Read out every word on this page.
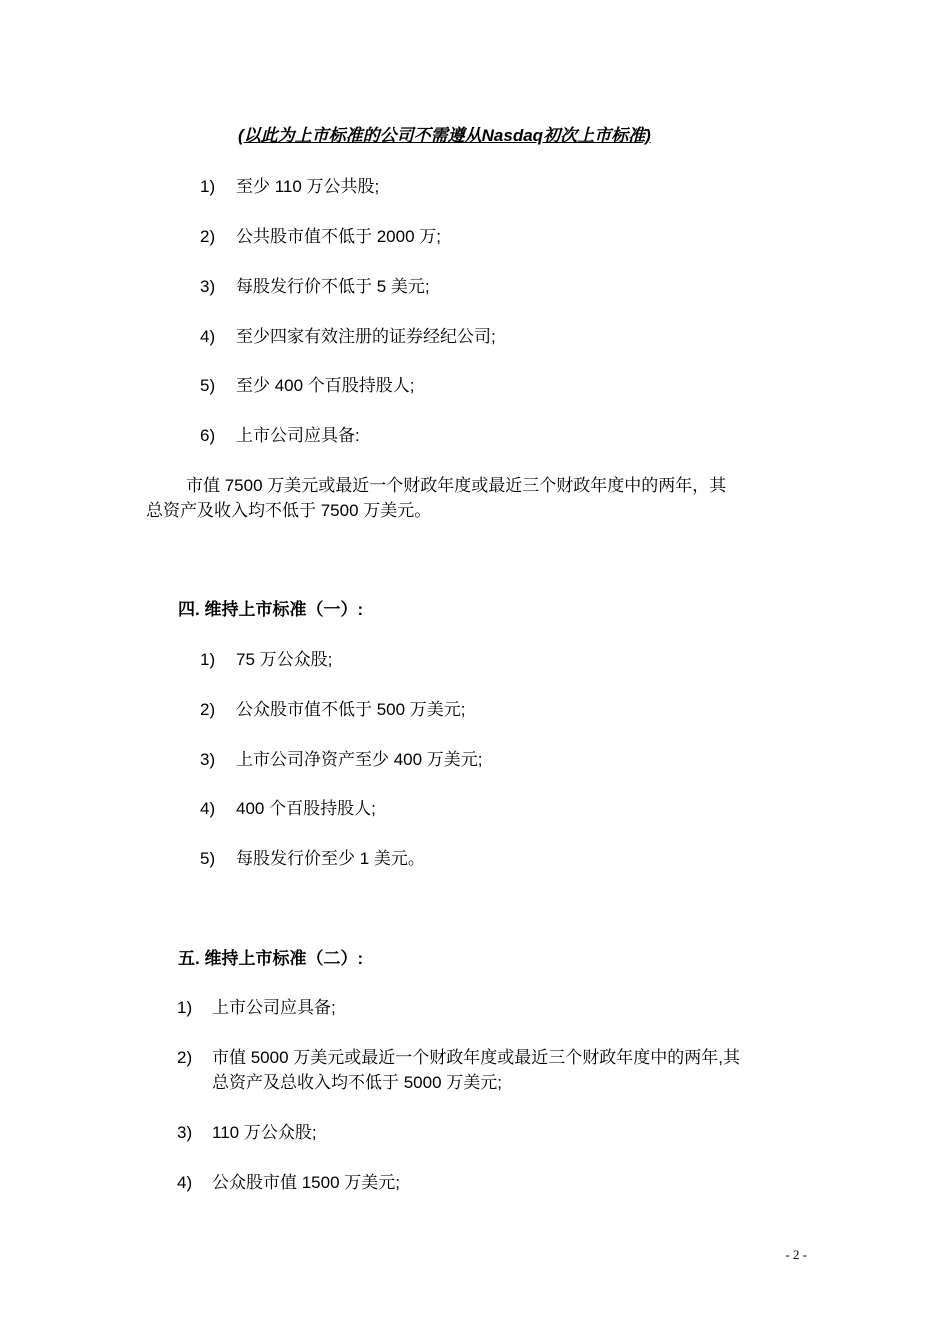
(以此为上市标准的公司不需遵从Nasdaq初次上市标准)
1) 至少 110 万公共股;
2) 公共股市值不低于 2000 万;
3) 每股发行价不低于 5 美元;
4) 至少四家有效注册的证券经纪公司;
5) 至少 400 个百股持股人;
6) 上市公司应具备:
市值 7500 万美元或最近一个财政年度或最近三个财政年度中的两年，其
总资产及收入均不低于 7500 万美元。
四. 维持上市标准（一）:
1) 75 万公众股;
2) 公众股市值不低于 500 万美元;
3) 上市公司净资产至少 400 万美元;
4) 400 个百股持股人;
5) 每股发行价至少 1 美元。
五. 维持上市标准（二）:
1) 上市公司应具备;
2) 市值 5000 万美元或最近一个财政年度或最近三个财政年度中的两年,其
总资产及总收入均不低于 5000 万美元;
3) 110 万公众股;
4) 公众股市值 1500 万美元;
- 2 -
